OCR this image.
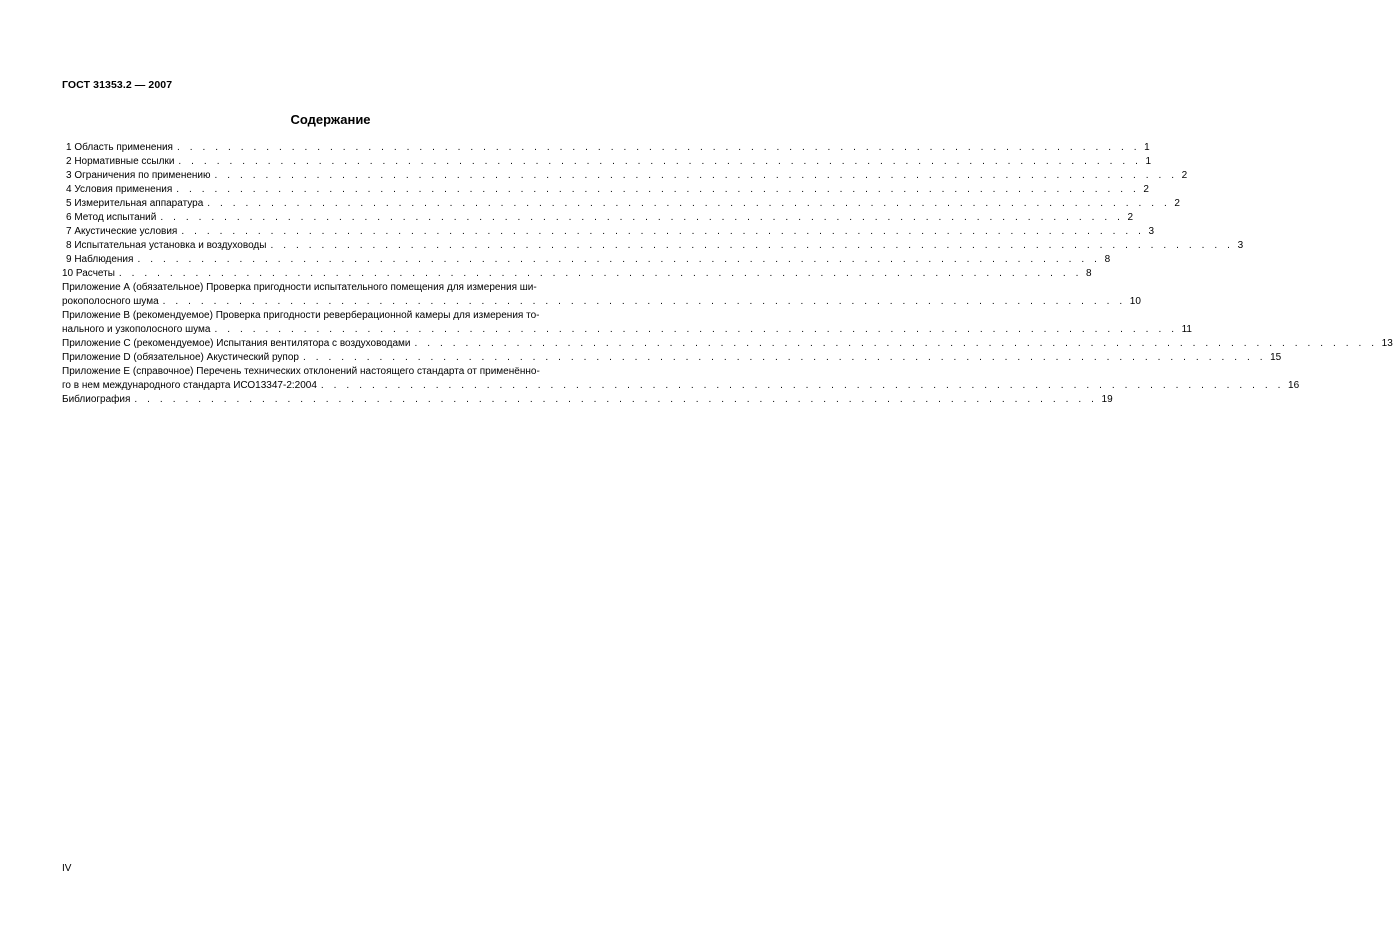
ГОСТ 31353.2 — 2007
Содержание
1 Область применения . . . . . . . . . . . . . . . . . . . . . . . . . . . . . . . . . . . . . . . . . . . . . . . . . . . . . . . . . . . . . . . . . . . . . . . . . . . . 1
2 Нормативные ссылки . . . . . . . . . . . . . . . . . . . . . . . . . . . . . . . . . . . . . . . . . . . . . . . . . . . . . . . . . . . . . . . . . . . . . . . . . . . . 1
3 Ограничения по применению . . . . . . . . . . . . . . . . . . . . . . . . . . . . . . . . . . . . . . . . . . . . . . . . . . . . . . . . . . . . . . . . . . . . . . . . . . . . 2
4 Условия применения . . . . . . . . . . . . . . . . . . . . . . . . . . . . . . . . . . . . . . . . . . . . . . . . . . . . . . . . . . . . . . . . . . . . . . . . . . . . 2
5 Измерительная аппаратура . . . . . . . . . . . . . . . . . . . . . . . . . . . . . . . . . . . . . . . . . . . . . . . . . . . . . . . . . . . . . . . . . . . . . . . . . . . . 2
6 Метод испытаний . . . . . . . . . . . . . . . . . . . . . . . . . . . . . . . . . . . . . . . . . . . . . . . . . . . . . . . . . . . . . . . . . . . . . . . . . . . . 2
7 Акустические условия . . . . . . . . . . . . . . . . . . . . . . . . . . . . . . . . . . . . . . . . . . . . . . . . . . . . . . . . . . . . . . . . . . . . . . . . . . . . 3
8 Испытательная установка и воздуховоды . . . . . . . . . . . . . . . . . . . . . . . . . . . . . . . . . . . . . . . . . . . . . . . . . . . . . . . . . . . . . . . . . . . . . . . . . . . . 3
9 Наблюдения . . . . . . . . . . . . . . . . . . . . . . . . . . . . . . . . . . . . . . . . . . . . . . . . . . . . . . . . . . . . . . . . . . . . . . . . . . . . 8
10 Расчеты . . . . . . . . . . . . . . . . . . . . . . . . . . . . . . . . . . . . . . . . . . . . . . . . . . . . . . . . . . . . . . . . . . . . . . . . . . . . 8
Приложение А (обязательное) Проверка пригодности испытательного помещения для измерения ши-
рокополосного шума . . . . . . . . . . . . . . . . . . . . . . . . . . . . . . . . . . . . . . . . . . . . . . . . . . . . . . . . . . . . . . . . . . . . . . . . . . . . 10
Приложение В (рекомендуемое) Проверка пригодности реверберационной камеры для измерения то-
нального и узкополосного шума . . . . . . . . . . . . . . . . . . . . . . . . . . . . . . . . . . . . . . . . . . . . . . . . . . . . . . . . . . . . . . . . . . . . . . . . . . . . 11
Приложение С (рекомендуемое) Испытания вентилятора с воздуховодами . . . . . . . . . . . . . . . . . . . . . . . . . . . . . . . . . . . . . . . . . . . . . . . . . . . . . . . . . . . . . . . . . . . . . . . . . . . . 13
Приложение D (обязательное) Акустический рупор . . . . . . . . . . . . . . . . . . . . . . . . . . . . . . . . . . . . . . . . . . . . . . . . . . . . . . . . . . . . . . . . . . . . . . . . . . . . 15
Приложение Е (справочное) Перечень технических отклонений настоящего стандарта от применённо-
го в нем международного стандарта ИСО13347-2:2004 . . . . . . . . . . . . . . . . . . . . . . . . . . . . . . . . . . . . . . . . . . . . . . . . . . . . . . . . . . . . . . . . . . . . . . . . . . . . 16
Библиография . . . . . . . . . . . . . . . . . . . . . . . . . . . . . . . . . . . . . . . . . . . . . . . . . . . . . . . . . . . . . . . . . . . . . . . . . . . . 19
IV
